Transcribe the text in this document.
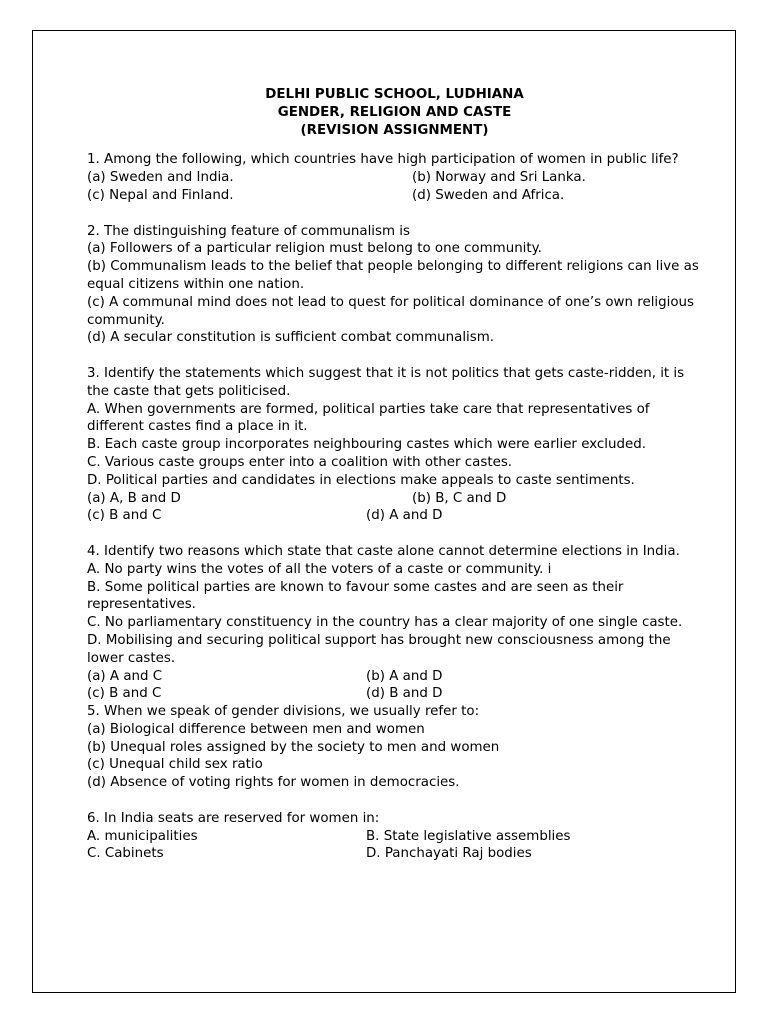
DELHI PUBLIC SCHOOL, LUDHIANA
GENDER, RELIGION AND CASTE
(REVISION ASSIGNMENT)

1. Among the following, which countries have high participation of women in public life?

(a) Sweden and India.	(b) Norway and Sri Lanka.
(c) Nepal and Finland.	(d) Sweden and Africa.

2. The distinguishing feature of communalism is

(a) Followers of a particular religion must belong to one community.

(b) Communalism leads to the belief that people belonging to different religions can live as equal citizens within one nation.

(c) A communal mind does not lead to quest for political dominance of one’s own religious community.

(d) A secular constitution is sufficient combat communalism.

3. Identify the statements which suggest that it is not politics that gets caste-ridden, it is the caste that gets politicised.

A. When governments are formed, political parties take care that representatives of different castes find a place in it.

B. Each caste group incorporates neighbouring castes which were earlier excluded.

C. Various caste groups enter into a coalition with other castes.

D. Political parties and candidates in elections make appeals to caste sentiments.

(a) A, B and D	(b) B, C and D
(c) B and C	(d) A and D

4. Identify two reasons which state that caste alone cannot determine elections in India.

A. No party wins the votes of all the voters of a caste or community. i

B. Some political parties are known to favour some castes and are seen as their representatives.

C. No parliamentary constituency in the country has a clear majority of one single caste.

D. Mobilising and securing political support has brought new consciousness among the lower castes.

(a) A and C	(b) A and D
(c) B and C	(d) B and D

5. When we speak of gender divisions, we usually refer to:

(a) Biological difference between men and women

(b) Unequal roles assigned by the society to men and women

(c) Unequal child sex ratio

(d) Absence of voting rights for women in democracies.

6. In India seats are reserved for women in:

A. municipalities	B. State legislative assemblies
C. Cabinets	D. Panchayati Raj bodies
